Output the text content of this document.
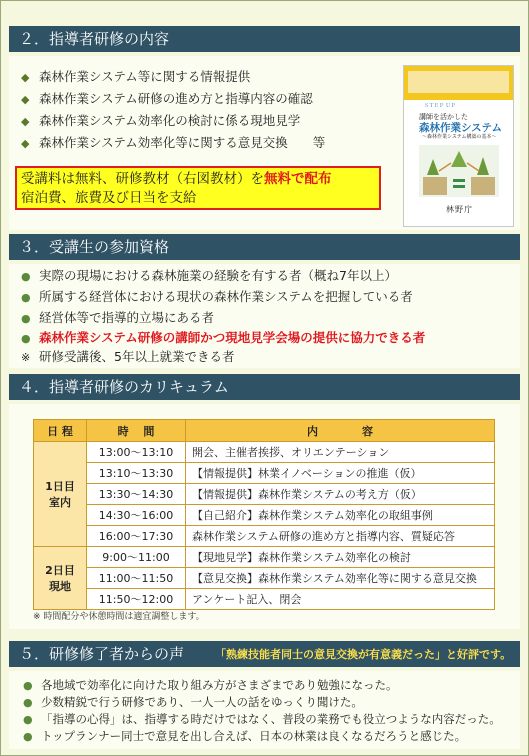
２．指導者研修の内容
◆ 森林作業システム等に関する情報提供
◆ 森林作業システム研修の進め方と指導内容の確認
◆ 森林作業システム効率化の検討に係る現地見学
◆ 森林作業システム効率化等に関する意見交換　　等
受講料は無料、研修教材（右図教材）を無料で配布
宿泊費、旅費及び日当を支給
ＳＴＥＰ ＵＰ
講師を活かした
森林作業システム
〜森林作業システム構築の基本〜
林野庁
３．受講生の参加資格
● 実際の現場における森林施業の経験を有する者（概ね7年以上）
● 所属する経営体における現状の森林作業システムを把握している者
● 経営体等で指導的立場にある者
● 森林作業システム研修の講師かつ現地見学会場の提供に協力できる者
※ 研修受講後、5年以上就業できる者
４．指導者研修のカリキュラム
日 程	時　 間	内　　　　容
1日目
室内	13:00～13:10	開会、主催者挨拶、オリエンテーション
	13:10～13:30	【情報提供】林業イノベーションの推進（仮）
	13:30～14:30	【情報提供】森林作業システムの考え方（仮）
	14:30～16:00	【自己紹介】森林作業システム効率化の取組事例
	16:00～17:30	森林作業システム研修の進め方と指導内容、質疑応答
2日目
現地	9:00～11:00	【現地見学】森林作業システム効率化の検討
	11:00～11:50	【意見交換】森林作業システム効率化等に関する意見交換
	11:50～12:00	アンケート記入、閉会
※ 時間配分や休憩時間は適宜調整します。
５．研修修了者からの声	「熟練技能者同士の意見交換が有意義だった」と好評です。
● 各地域で効率化に向けた取り組み方がさまざまであり勉強になった。
● 少数精鋭で行う研修であり、一人一人の話をゆっくり聞けた。
● 「指導の心得」は、指導する時だけではなく、普段の業務でも役立つような内容だった。
● トップランナー同士で意見を出し合えば、日本の林業は良くなるだろうと感じた。
